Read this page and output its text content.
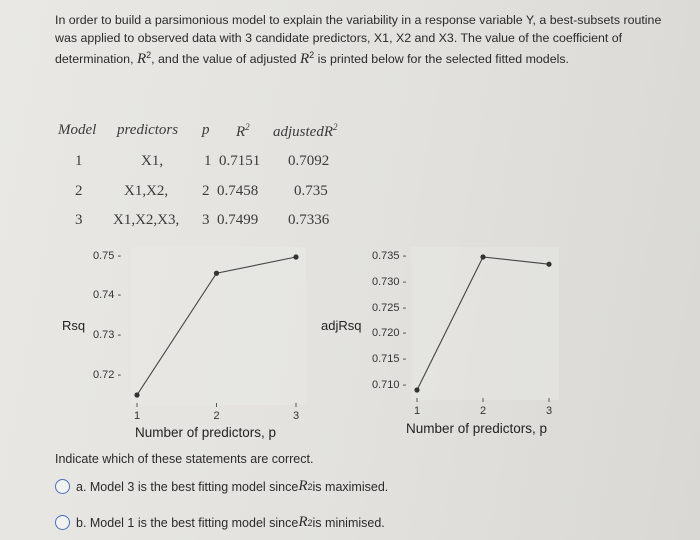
In order to build a parsimonious model to explain the variability in a response variable Y, a best-subsets routine was applied to observed data with 3 candidate predictors, X1, X2 and X3. The value of the coefficient of determination, $R^2$, and the value of adjusted $R^2$ is printed below for the selected fitted models.
Model predictors p $R^2$ adjustedR$^2$
1	X1,	1 0.7151 0.7092
2	X1,X2, 2 0.7458 0.735
3 X1,X2,X3, 3 0.7499 0.7336
Rsq
0.75 -
0.74 -
0.73 -
0.72 -
Number of predictors, p
1	2	3
adjRsq
0.735 -
0.730 -
0.725 -
0.720 -
0.715 -
0.710 -
Number of predictors, p
1	2	3
Indicate which of these statements are correct.
a. Model 3 is the best fitting model since R 2 is maximised.
b. Model 1 is the best fitting model since R 2 is minimised.
